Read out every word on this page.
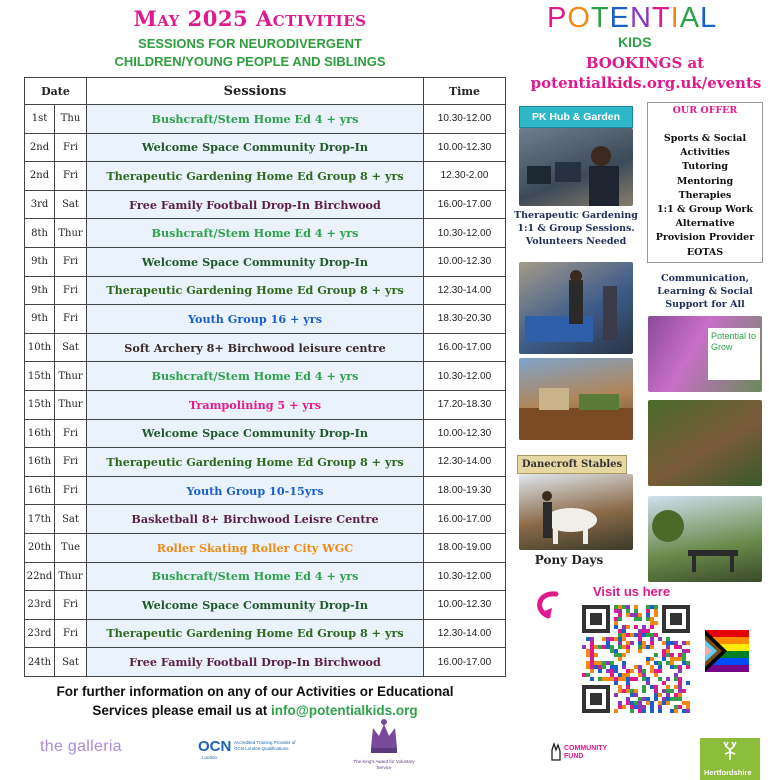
May 2025 Activities
SESSIONS FOR NEURODIVERGENT
CHILDREN/YOUNG PEOPLE AND SIBLINGS
Date		Sessions	Time
1st	Thu	Bushcraft/Stem Home Ed 4 + yrs	10.30-12.00
2nd	Fri	Welcome Space Community Drop-In	10.00-12.30
2nd	Fri	Therapeutic Gardening Home Ed Group 8 + yrs	12.30-2.00
3rd	Sat	Free Family Football Drop-In Birchwood	16.00-17.00
8th	Thur	Bushcraft/Stem Home Ed 4 + yrs	10.30-12.00
9th	Fri	Welcome Space Community Drop-In	10.00-12.30
9th	Fri	Therapeutic Gardening Home Ed Group 8 + yrs	12.30-14.00
9th	Fri	Youth Group 16 + yrs	18.30-20.30
10th	Sat	Soft Archery 8+ Birchwood leisure centre	16.00-17.00
15th	Thur	Bushcraft/Stem Home Ed 4 + yrs	10.30-12.00
15th	Thur	Trampolining 5 + yrs	17.20-18.30
16th	Fri	Welcome Space Community Drop-In	10.00-12.30
16th	Fri	Therapeutic Gardening Home Ed Group 8 + yrs	12.30-14.00
16th	Fri	Youth Group 10-15yrs	18.00-19.30
17th	Sat	Basketball 8+ Birchwood Leisre Centre	16.00-17.00
20th	Tue	Roller Skating Roller City WGC	18.00-19.00
22nd	Thur	Bushcraft/Stem Home Ed 4 + yrs	10.30-12.00
23rd	Fri	Welcome Space Community Drop-In	10.00-12.30
23rd	Fri	Therapeutic Gardening Home Ed Group 8 + yrs	12.30-14.00
24th	Sat	Free Family Football Drop-In Birchwood	16.00-17.00
For further information on any of our Activities or Educational
Services please email us at info@potentialkids.org
POTENTIAL
KIDS
BOOKINGS at
potentialkids.org.uk/events
PK Hub & Garden
Therapeutic Gardening 1:1 & Group Sessions. Volunteers Needed
Danecroft Stables
Pony Days
OUR OFFER
Sports & Social
Activities
Tutoring
Mentoring
Therapies
1:1 & Group Work
Alternative
Provision Provider
EOTAS
Communication, Learning & Social Support for All
Potential to Grow
Visit us here
the galleria	OCN Accredited Training Provider of OCN London Qualifications
London
The King's Award for Voluntary Service
COMMUNITY FUND
Hertfordshire
